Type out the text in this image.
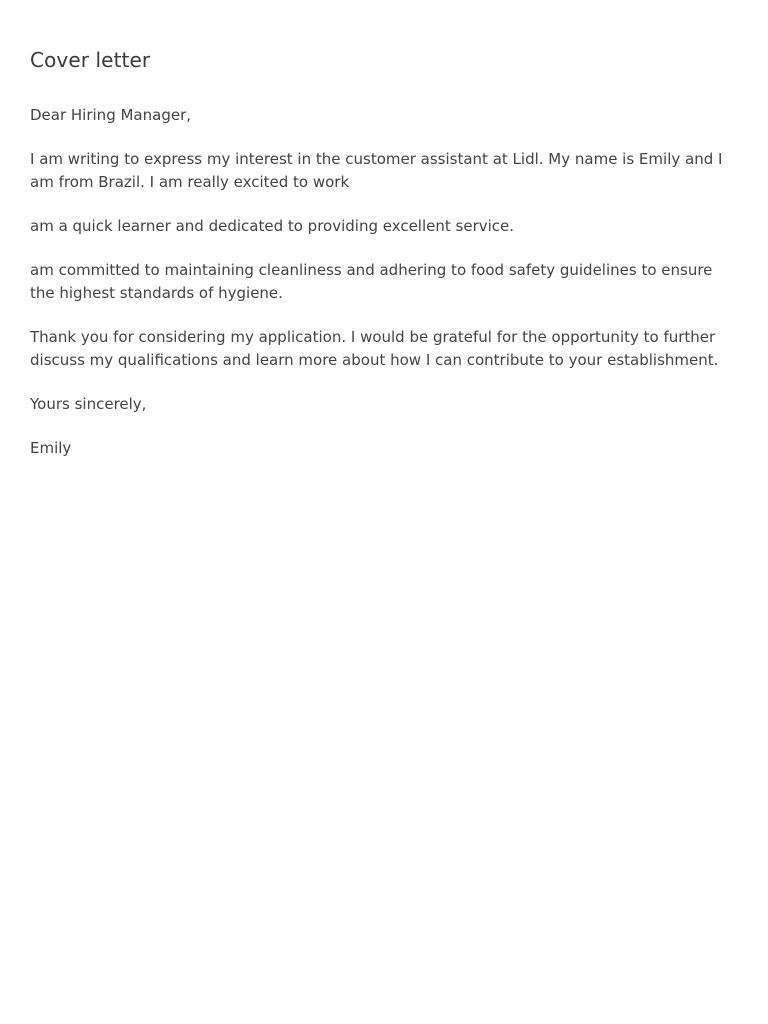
Cover letter

Dear Hiring Manager,

I am writing to express my interest in the customer assistant at Lidl. My name is Emily and I am from Brazil. I am really excited to work

am a quick learner and dedicated to providing excellent service.

am committed to maintaining cleanliness and adhering to food safety guidelines to ensure the highest standards of hygiene.

Thank you for considering my application. I would be grateful for the opportunity to further discuss my qualifications and learn more about how I can contribute to your establishment.

Yours sincerely,

Emily
